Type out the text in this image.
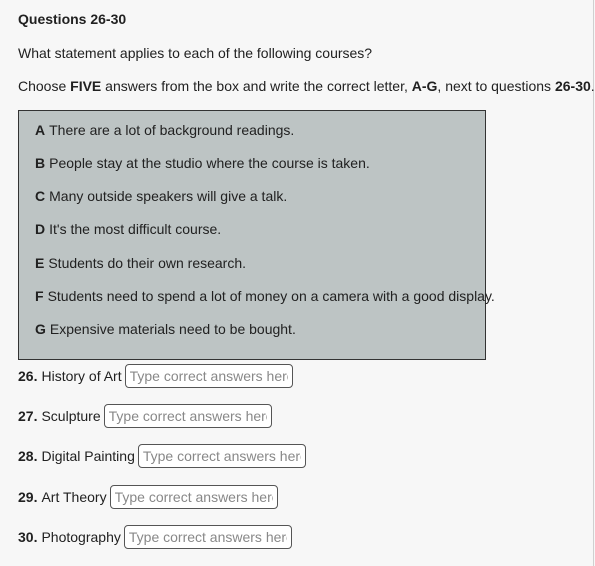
Questions 26-30
What statement applies to each of the following courses?
Choose FIVE answers from the box and write the correct letter, A-G, next to questions 26-30.
A There are a lot of background readings.
B People stay at the studio where the course is taken.
C Many outside speakers will give a talk.
D It's the most difficult course.
E Students do their own research.
F Students need to spend a lot of money on a camera with a good display.
G Expensive materials need to be bought.
26. History of Art
Type correct answers here.
27. Sculpture
Type correct answers here.
28. Digital Painting
Type correct answers here.
29. Art Theory
Type correct answers here.
30. Photography
Type correct answers here.
